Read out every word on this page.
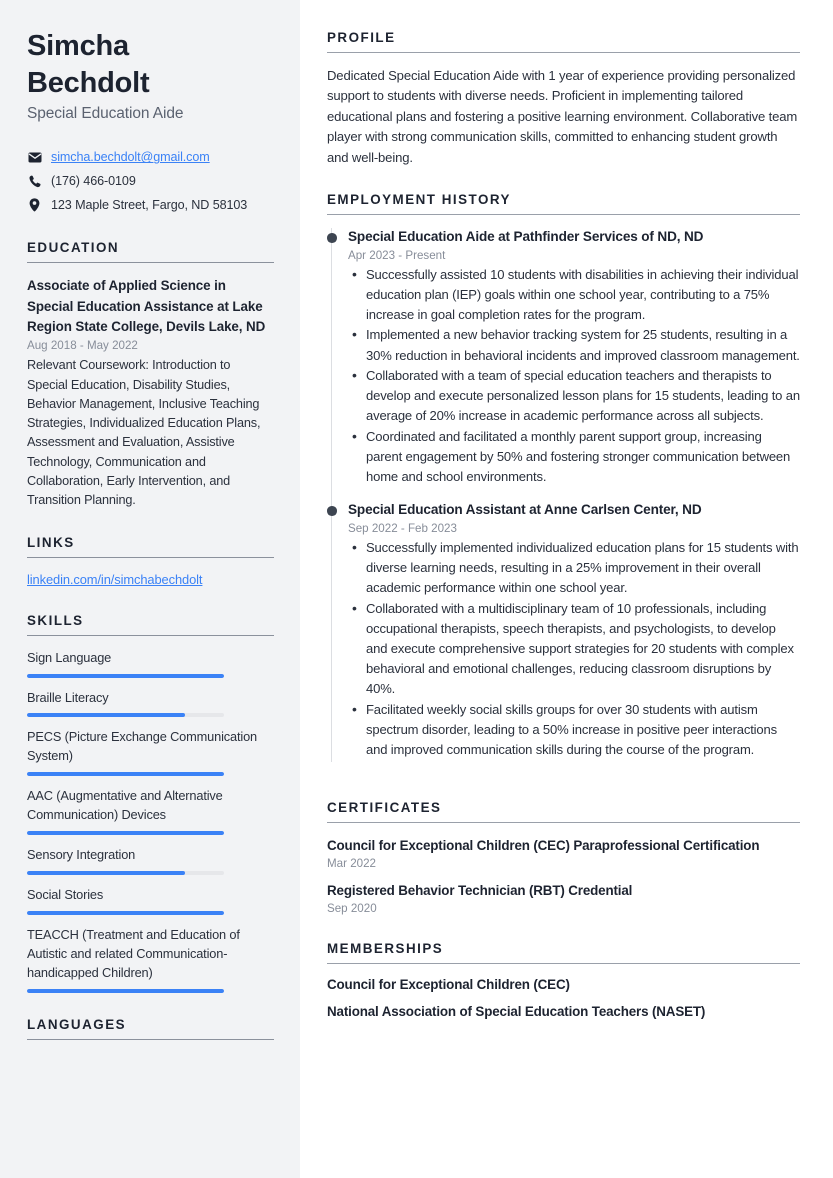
Simcha
Bechdolt
Special Education Aide
simcha.bechdolt@gmail.com
(176) 466-0109
123 Maple Street, Fargo, ND 58103
EDUCATION
Associate of Applied Science in Special Education Assistance at Lake Region State College, Devils Lake, ND
Aug 2018 - May 2022
Relevant Coursework: Introduction to Special Education, Disability Studies, Behavior Management, Inclusive Teaching Strategies, Individualized Education Plans, Assessment and Evaluation, Assistive Technology, Communication and Collaboration, Early Intervention, and Transition Planning.
LINKS
linkedin.com/in/simchabechdolt
SKILLS
Sign Language
Braille Literacy
PECS (Picture Exchange Communication System)
AAC (Augmentative and Alternative Communication) Devices
Sensory Integration
Social Stories
TEACCH (Treatment and Education of Autistic and related Communication-handicapped Children)
LANGUAGES
PROFILE

Dedicated Special Education Aide with 1 year of experience providing personalized support to students with diverse needs. Proficient in implementing tailored educational plans and fostering a positive learning environment. Collaborative team player with strong communication skills, committed to enhancing student growth and well-being.

EMPLOYMENT HISTORY
Special Education Aide at Pathfinder Services of ND, ND
Apr 2023 - Present
• Successfully assisted 10 students with disabilities in achieving their individual education plan (IEP) goals within one school year, contributing to a 75% increase in goal completion rates for the program.
• Implemented a new behavior tracking system for 25 students, resulting in a 30% reduction in behavioral incidents and improved classroom management.
• Collaborated with a team of special education teachers and therapists to develop and execute personalized lesson plans for 15 students, leading to an average of 20% increase in academic performance across all subjects.
• Coordinated and facilitated a monthly parent support group, increasing parent engagement by 50% and fostering stronger communication between home and school environments.
Special Education Assistant at Anne Carlsen Center, ND
Sep 2022 - Feb 2023
• Successfully implemented individualized education plans for 15 students with diverse learning needs, resulting in a 25% improvement in their overall academic performance within one school year.
• Collaborated with a multidisciplinary team of 10 professionals, including occupational therapists, speech therapists, and psychologists, to develop and execute comprehensive support strategies for 20 students with complex behavioral and emotional challenges, reducing classroom disruptions by 40%.
• Facilitated weekly social skills groups for over 30 students with autism spectrum disorder, leading to a 50% increase in positive peer interactions and improved communication skills during the course of the program.
CERTIFICATES
Council for Exceptional Children (CEC) Paraprofessional Certification
Mar 2022
Registered Behavior Technician (RBT) Credential
Sep 2020
MEMBERSHIPS
Council for Exceptional Children (CEC)
National Association of Special Education Teachers (NASET)
